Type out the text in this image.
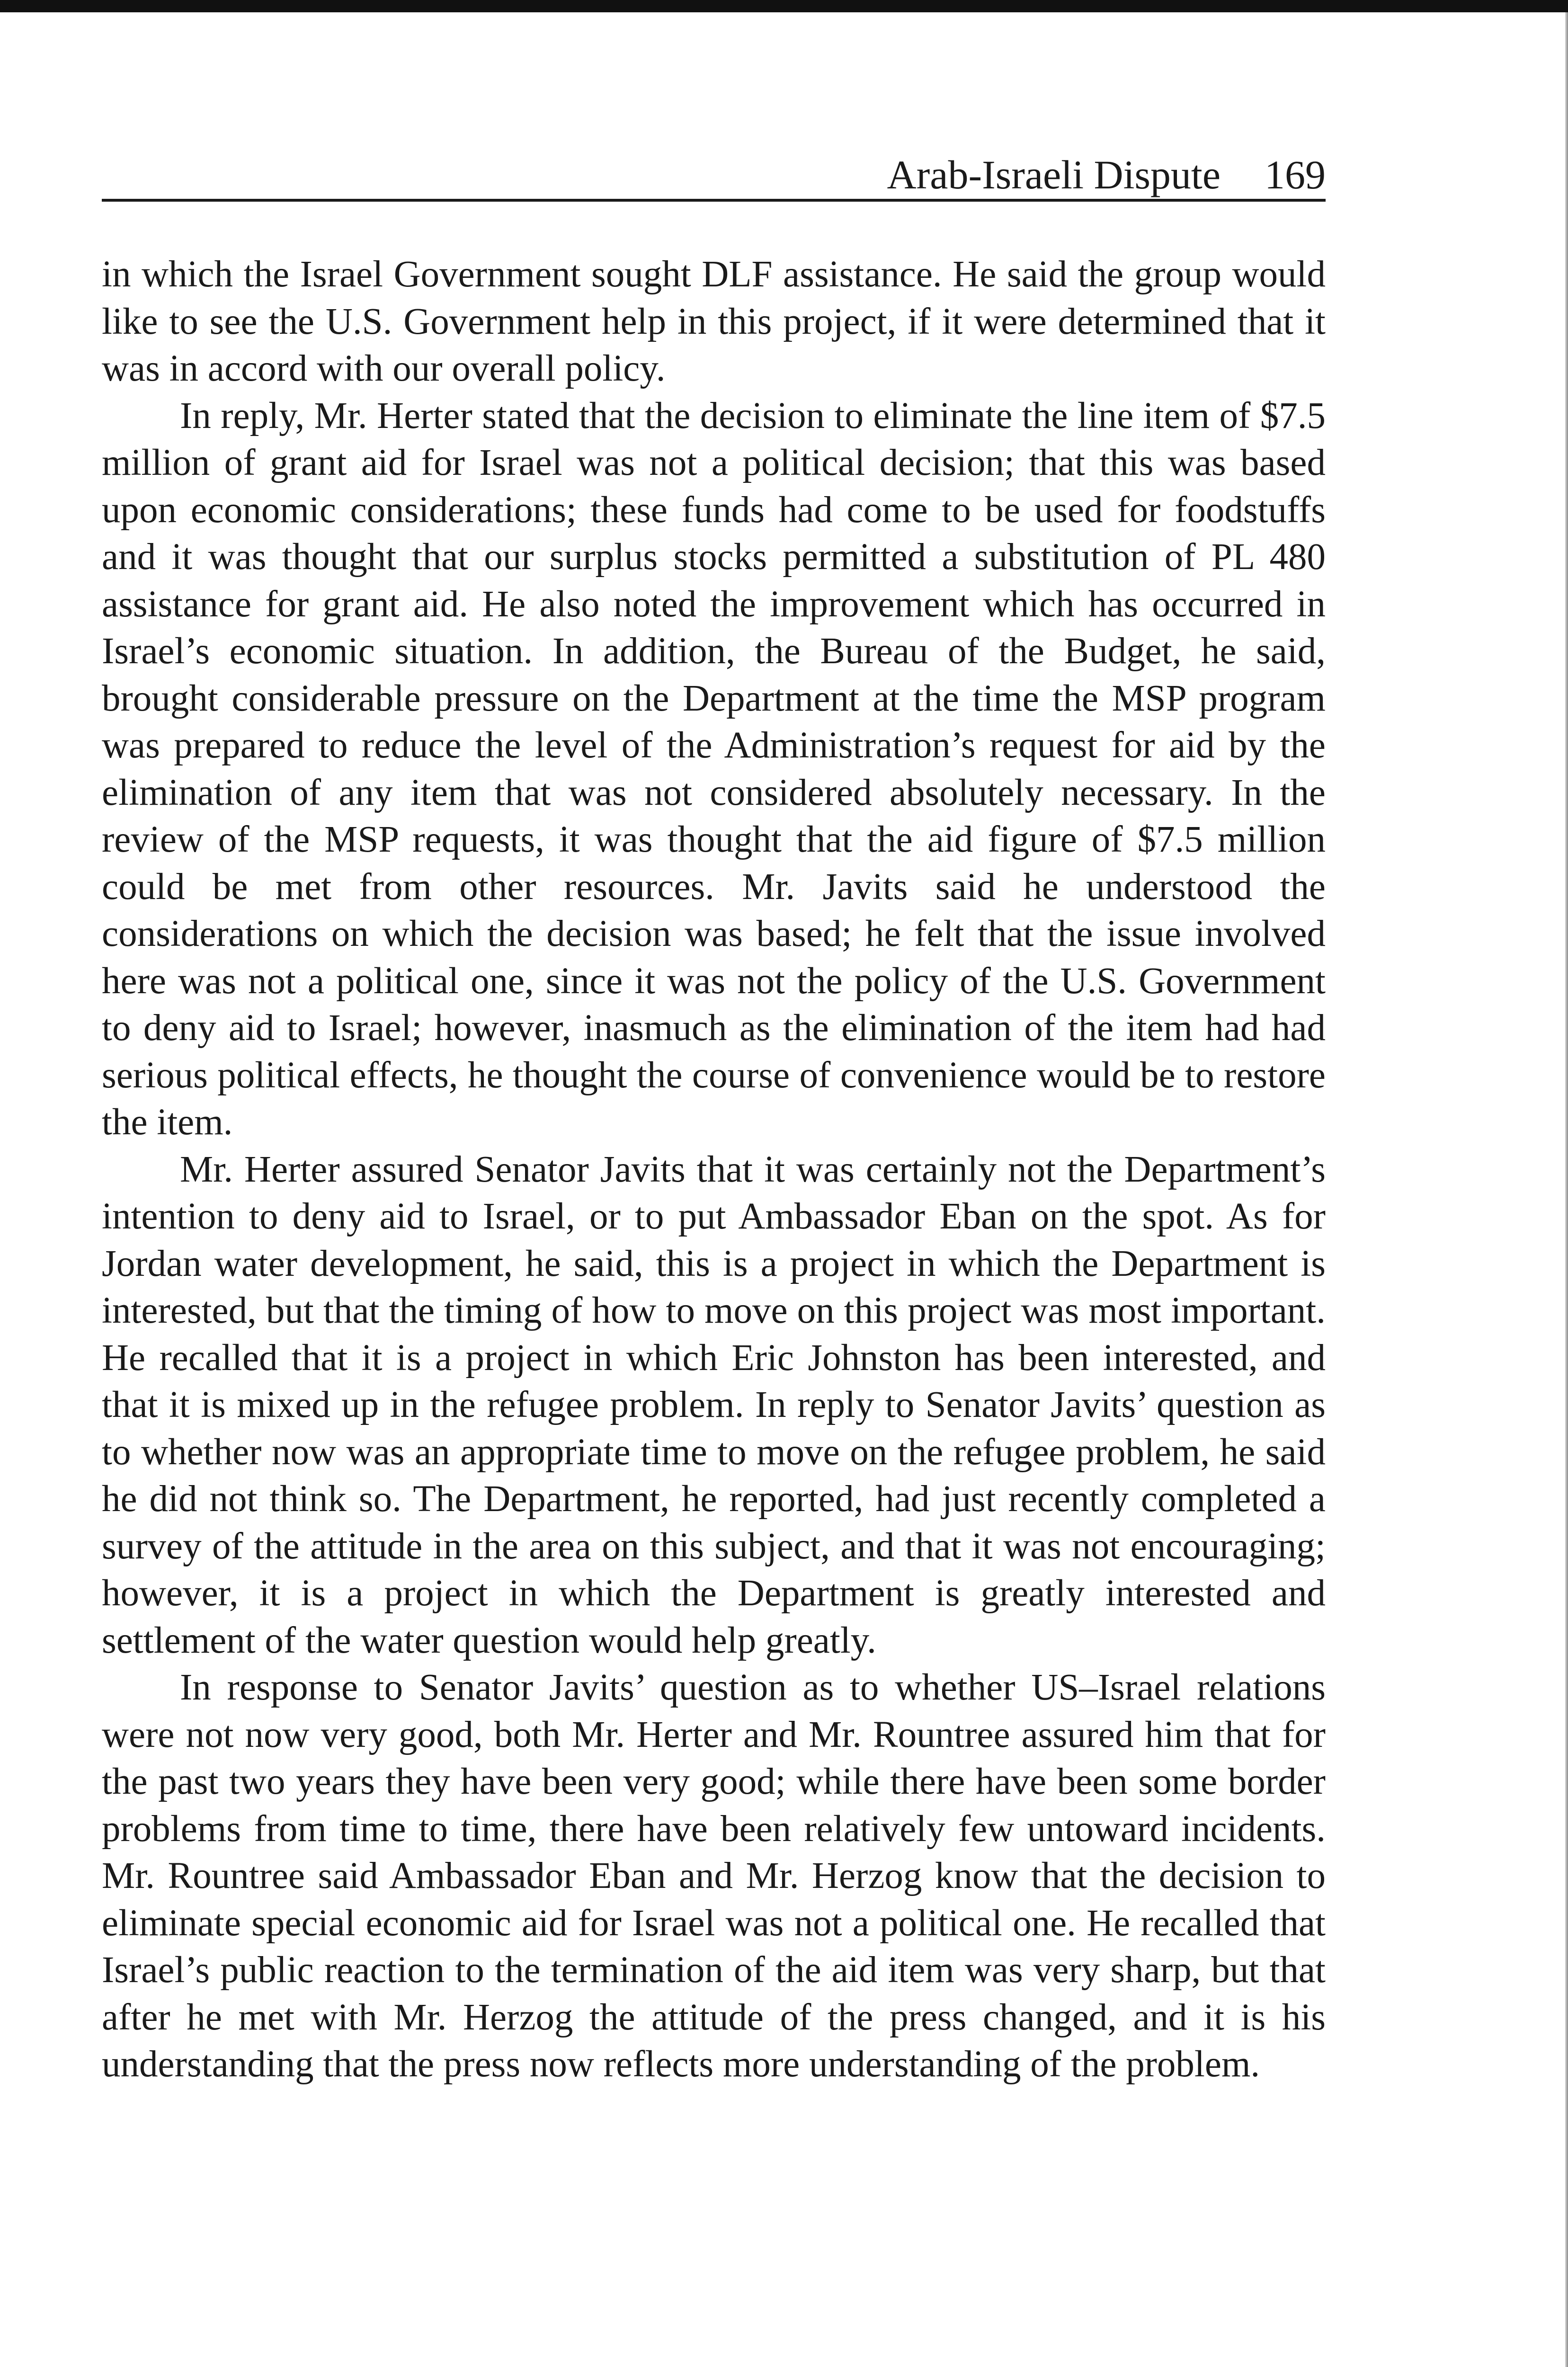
Arab-Israeli Dispute 169

in which the Israel Government sought DLF assistance. He said the group would like to see the U.S. Government help in this project, if it were determined that it was in accord with our overall policy.

In reply, Mr. Herter stated that the decision to eliminate the line item of $7.5 million of grant aid for Israel was not a political decision; that this was based upon economic considerations; these funds had come to be used for foodstuffs and it was thought that our surplus stocks permitted a substitution of PL 480 assistance for grant aid. He also noted the improvement which has occurred in Israel’s economic situation. In addition, the Bureau of the Budget, he said, brought considerable pressure on the Department at the time the MSP program was prepared to reduce the level of the Administration’s request for aid by the elimination of any item that was not considered absolutely necessary. In the review of the MSP requests, it was thought that the aid figure of $7.5 million could be met from other resources. Mr. Javits said he understood the considerations on which the decision was based; he felt that the issue involved here was not a political one, since it was not the policy of the U.S. Government to deny aid to Israel; however, inasmuch as the elimination of the item had had serious political effects, he thought the course of convenience would be to restore the item.

Mr. Herter assured Senator Javits that it was certainly not the Department’s intention to deny aid to Israel, or to put Ambassador Eban on the spot. As for Jordan water development, he said, this is a project in which the Department is interested, but that the timing of how to move on this project was most important. He recalled that it is a project in which Eric Johnston has been interested, and that it is mixed up in the refugee problem. In reply to Senator Javits’ question as to whether now was an appropriate time to move on the refugee problem, he said he did not think so. The Department, he reported, had just recently completed a survey of the attitude in the area on this subject, and that it was not encouraging; however, it is a project in which the Department is greatly interested and settlement of the water question would help greatly.

In response to Senator Javits’ question as to whether US–Israel relations were not now very good, both Mr. Herter and Mr. Rountree assured him that for the past two years they have been very good; while there have been some border problems from time to time, there have been relatively few untoward incidents. Mr. Rountree said Ambassador Eban and Mr. Herzog know that the decision to eliminate special economic aid for Israel was not a political one. He recalled that Israel’s public reaction to the termination of the aid item was very sharp, but that after he met with Mr. Herzog the attitude of the press changed, and it is his understanding that the press now reflects more understanding of the problem.
